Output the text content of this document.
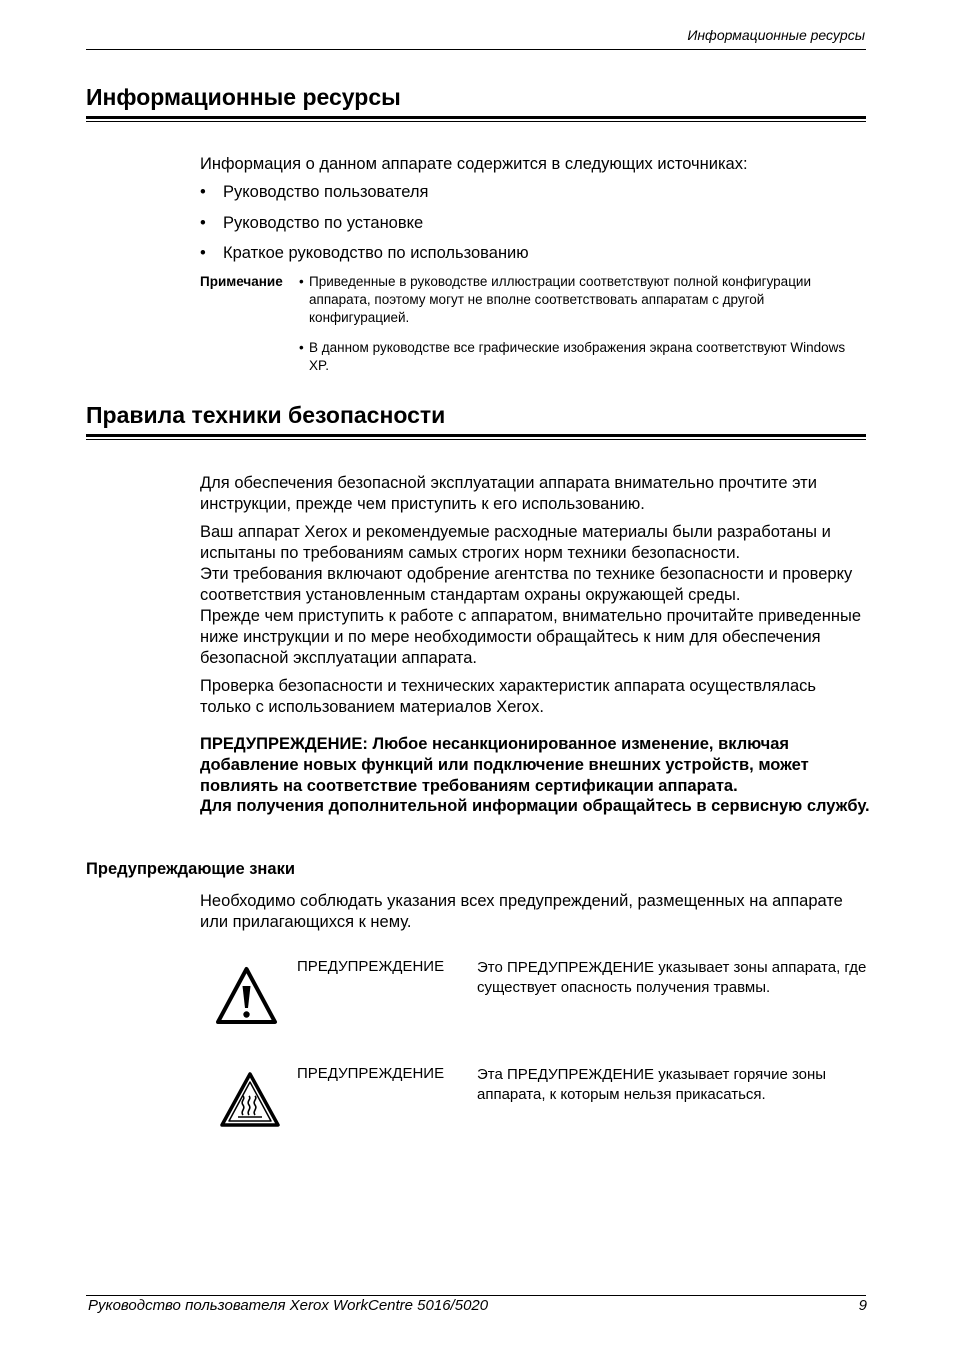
Информационные ресурсы
Информационные ресурсы

Информация о данном аппарате содержится в следующих источниках:

•	Руководство пользователя
•	Руководство по установке
•	Краткое руководство по использованию
Примечание • Приведенные в руководстве иллюстрации соответствуют полной конфигурации аппарата, поэтому могут не вполне соответствовать аппаратам с другой конфигурацией.
• В данном руководстве все графические изображения экрана соответствуют Windows XP.
Правила техники безопасности

Для обеспечения безопасной эксплуатации аппарата внимательно прочтите эти инструкции, прежде чем приступить к его использованию.

Ваш аппарат Xerox и рекомендуемые расходные материалы были разработаны и испытаны по требованиям самых строгих норм техники безопасности.

Эти требования включают одобрение агентства по технике безопасности и проверку соответствия установленным стандартам охраны окружающей среды.

Прежде чем приступить к работе с аппаратом, внимательно прочитайте приведенные ниже инструкции и по мере необходимости обращайтесь к ним для обеспечения безопасной эксплуатации аппарата.

Проверка безопасности и технических характеристик аппарата осуществлялась только с использованием материалов Xerox.

ПРЕДУПРЕЖДЕНИЕ: Любое несанкционированное изменение, включая добавление новых функций или подключение внешних устройств, может повлиять на соответствие требованиям сертификации аппарата.
Для получения дополнительной информации обращайтесь в сервисную службу.
Предупреждающие знаки

Необходимо соблюдать указания всех предупреждений, размещенных на аппарате или прилагающихся к нему.

ПРЕДУПРЕЖДЕНИЕ Это ПРЕДУПРЕЖДЕНИЕ указывает зоны аппарата, где существует опасность получения травмы.
ПРЕДУПРЕЖДЕНИЕ Эта ПРЕДУПРЕЖДЕНИЕ указывает горячие зоны аппарата, к которым нельзя прикасаться.
Руководство пользователя Xerox WorkCentre 5016/5020	9
